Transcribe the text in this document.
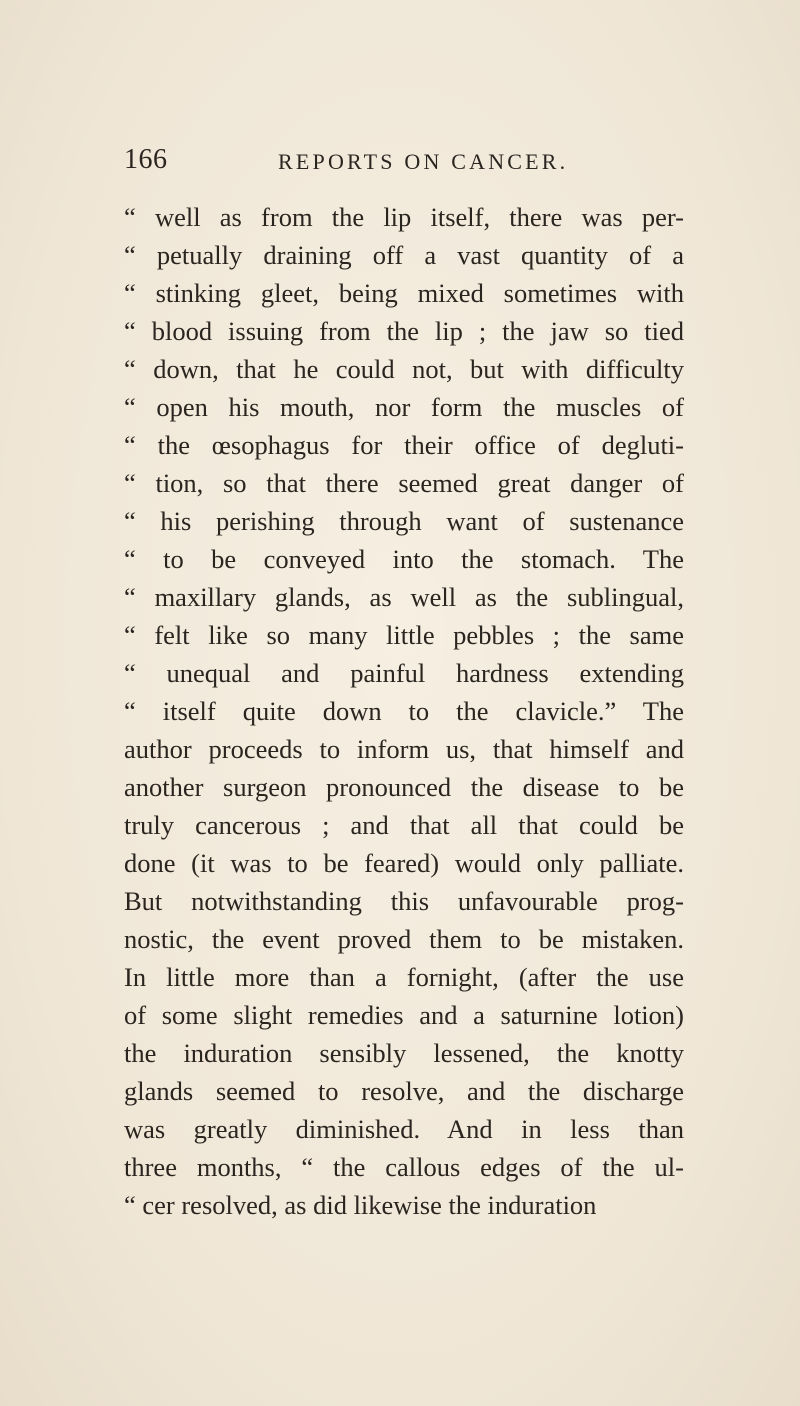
166	REPORTS ON CANCER.
“ well as from the lip itself, there was per-
“ petually draining off a vast quantity of a
“ stinking gleet, being mixed sometimes with
“ blood issuing from the lip ; the jaw so tied
“ down, that he could not, but with difficulty
“ open his mouth, nor form the muscles of
“ the œsophagus for their office of degluti-
“ tion, so that there seemed great danger of
“ his perishing through want of sustenance
“ to be conveyed into the stomach. The
“ maxillary glands, as well as the sublingual,
“ felt like so many little pebbles ; the same
“ unequal and painful hardness extending
“ itself quite down to the clavicle.” The
author proceeds to inform us, that himself and
another surgeon pronounced the disease to be
truly cancerous ; and that all that could be
done (it was to be feared) would only palliate.
But notwithstanding this unfavourable prog-
nostic, the event proved them to be mistaken.
In little more than a fornight, (after the use
of some slight remedies and a saturnine lotion)
the induration sensibly lessened, the knotty
glands seemed to resolve, and the discharge
was greatly diminished. And in less than
three months, “ the callous edges of the ul-
“ cer resolved, as did likewise the induration
